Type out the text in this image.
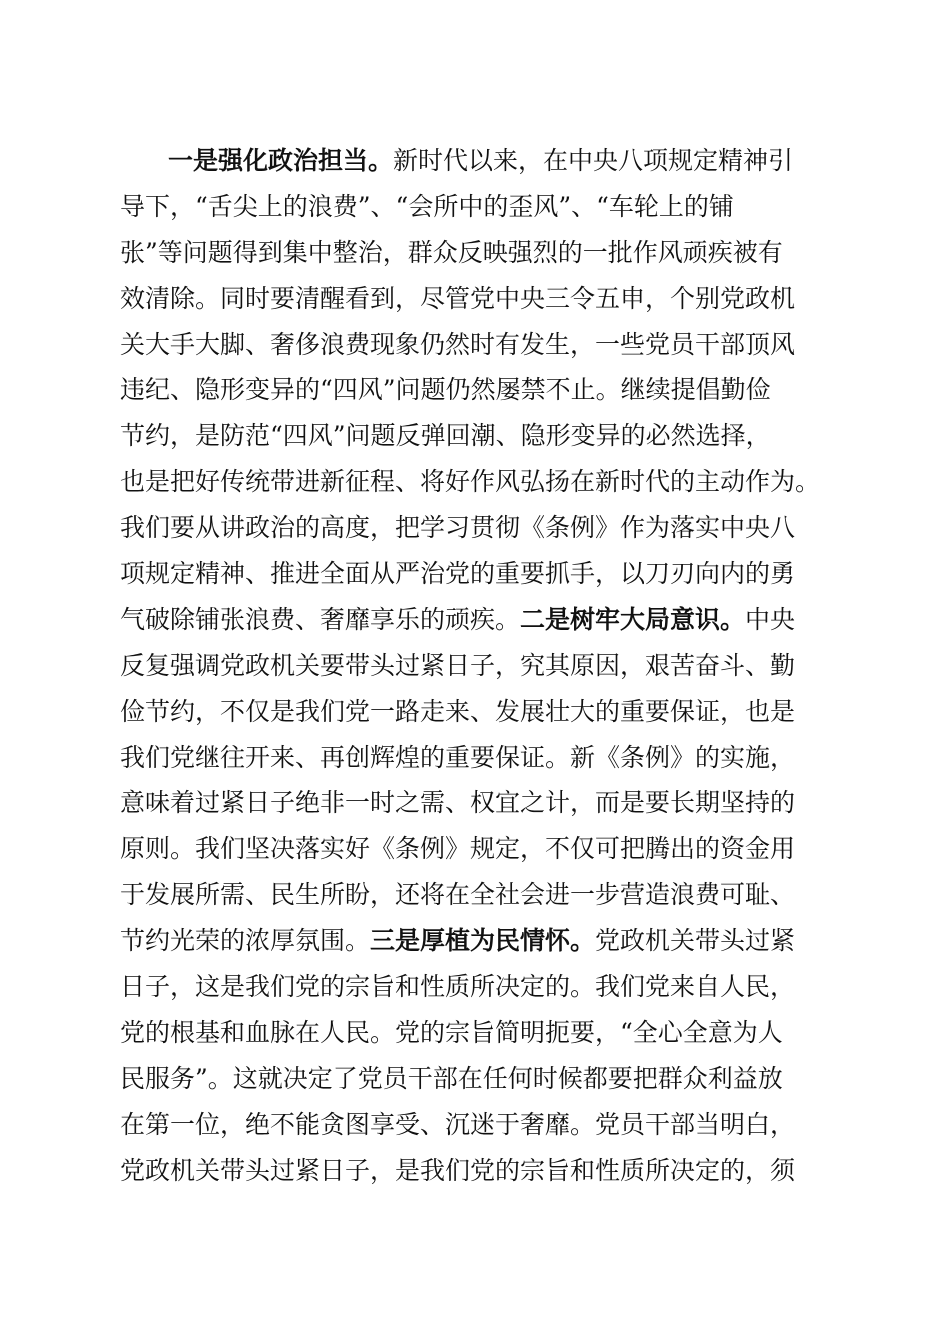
一是强化政治担当。新时代以来，在中央八项规定精神引
导下，“舌尖上的浪费”、“会所中的歪风”、“车轮上的铺
张”等问题得到集中整治，群众反映强烈的一批作风顽疾被有
效清除。同时要清醒看到，尽管党中央三令五申，个别党政机
关大手大脚、奢侈浪费现象仍然时有发生，一些党员干部顶风
违纪、隐形变异的“四风”问题仍然屡禁不止。继续提倡勤俭
节约，是防范“四风”问题反弹回潮、隐形变异的必然选择，
也是把好传统带进新征程、将好作风弘扬在新时代的主动作为。
我们要从讲政治的高度，把学习贯彻《条例》作为落实中央八
项规定精神、推进全面从严治党的重要抓手，以刀刃向内的勇
气破除铺张浪费、奢靡享乐的顽疾。二是树牢大局意识。中央
反复强调党政机关要带头过紧日子，究其原因，艰苦奋斗、勤
俭节约，不仅是我们党一路走来、发展壮大的重要保证，也是
我们党继往开来、再创辉煌的重要保证。新《条例》的实施，
意味着过紧日子绝非一时之需、权宜之计，而是要长期坚持的
原则。我们坚决落实好《条例》规定，不仅可把腾出的资金用
于发展所需、民生所盼，还将在全社会进一步营造浪费可耻、
节约光荣的浓厚氛围。三是厚植为民情怀。党政机关带头过紧
日子，这是我们党的宗旨和性质所决定的。我们党来自人民，
党的根基和血脉在人民。党的宗旨简明扼要，“全心全意为人
民服务”。这就决定了党员干部在任何时候都要把群众利益放
在第一位，绝不能贪图享受、沉迷于奢靡。党员干部当明白，
党政机关带头过紧日子，是我们党的宗旨和性质所决定的，须
